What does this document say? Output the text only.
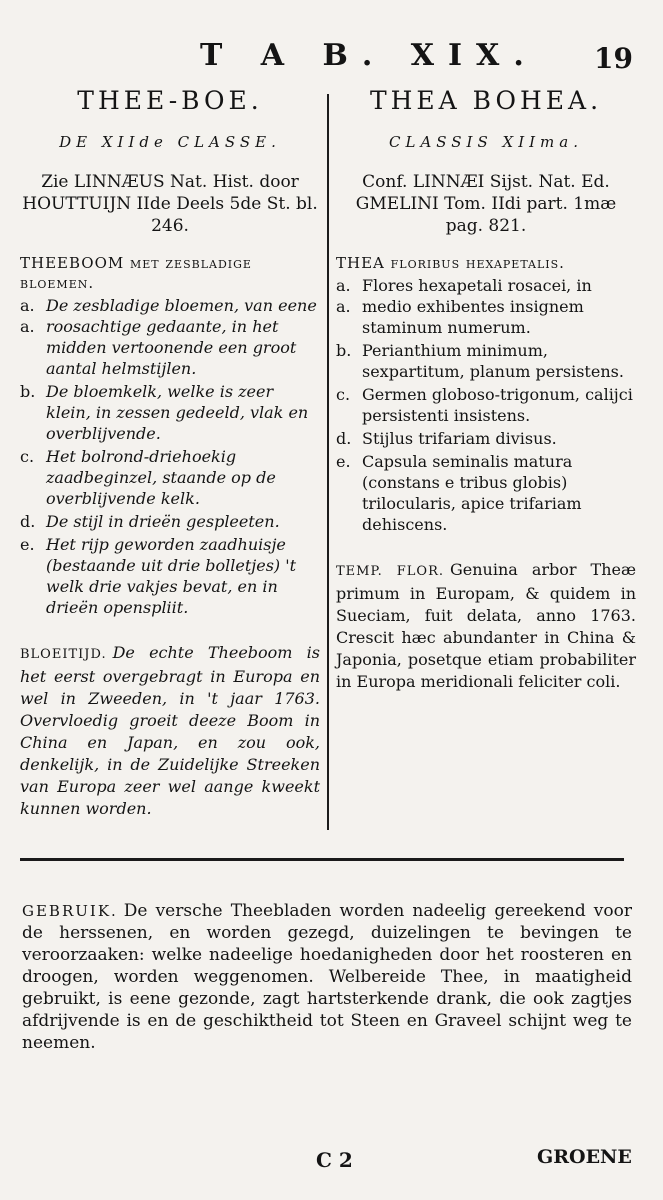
T A B. XIX. 19
THEE-BOE.
DE XIIde CLASSE.
Zie LINNÆUS Nat. Hist. door HOUTTUIJN IIde Deels 5de St. bl. 246.
THEEBOOM met zesbladige bloemen.
a. a.
De zesbladige bloemen, van eene roosachtige gedaante, in het midden vertoonende een groot aantal helmstijlen.
b. De bloemkelk, welke is zeer klein, in zessen gedeeld, vlak en overblijvende.
c. Het bolrond-driehoekig zaadbeginzel, staande op de overblijvende kelk.
d. De stijl in drieën gespleeten.
e. Het rijp geworden zaadhuisje (bestaande uit drie bolletjes) 't welk drie vakjes bevat, en in drieën openspliit.
BLOEITIJD. De echte Theeboom is het eerst overgebragt in Europa en wel in Zweeden, in 't jaar 1763. Overvloedig groeit deeze Boom in China en Japan, en zou ook, denkelijk, in de Zuidelijke Streeken van Europa zeer wel aange kweekt kunnen worden.
THEA BOHEA.
CLASSIS XIIma.
Conf. LINNÆI Sijst. Nat. Ed. GMELINI Tom. IIdi part. 1mæ pag. 821.
THEA floribus hexapetalis.
a. a.
Flores hexapetali rosacei, in medio exhibentes insignem staminum numerum.
b. Perianthium minimum, sexpartitum, planum persistens.
c. Germen globoso-trigonum, calijci persistenti insistens.
d. Stijlus trifariam divisus.
e. Capsula seminalis matura (constans e tribus globis) trilocularis, apice trifariam dehiscens.
TEMP. FLOR. Genuina arbor Theæ primum in Europam, & quidem in Sueciam, fuit delata, anno 1763. Crescit hæc abundanter in China & Japonia, posetque etiam probabiliter in Europa meridionali feliciter coli.
GEBRUIK. De versche Theebladen worden nadeelig gereekend voor de herssenen, en worden gezegd, duizelingen te bevingen te veroorzaaken: welke nadeelige hoedanigheden door het roosteren en droogen, worden weggenomen. Welbereide Thee, in maatigheid gebruikt, is eene gezonde, zagt hartsterkende drank, die ook zagtjes afdrijvende is en de geschiktheid tot Steen en Graveel schijnt weg te neemen.
C 2	GROENE
